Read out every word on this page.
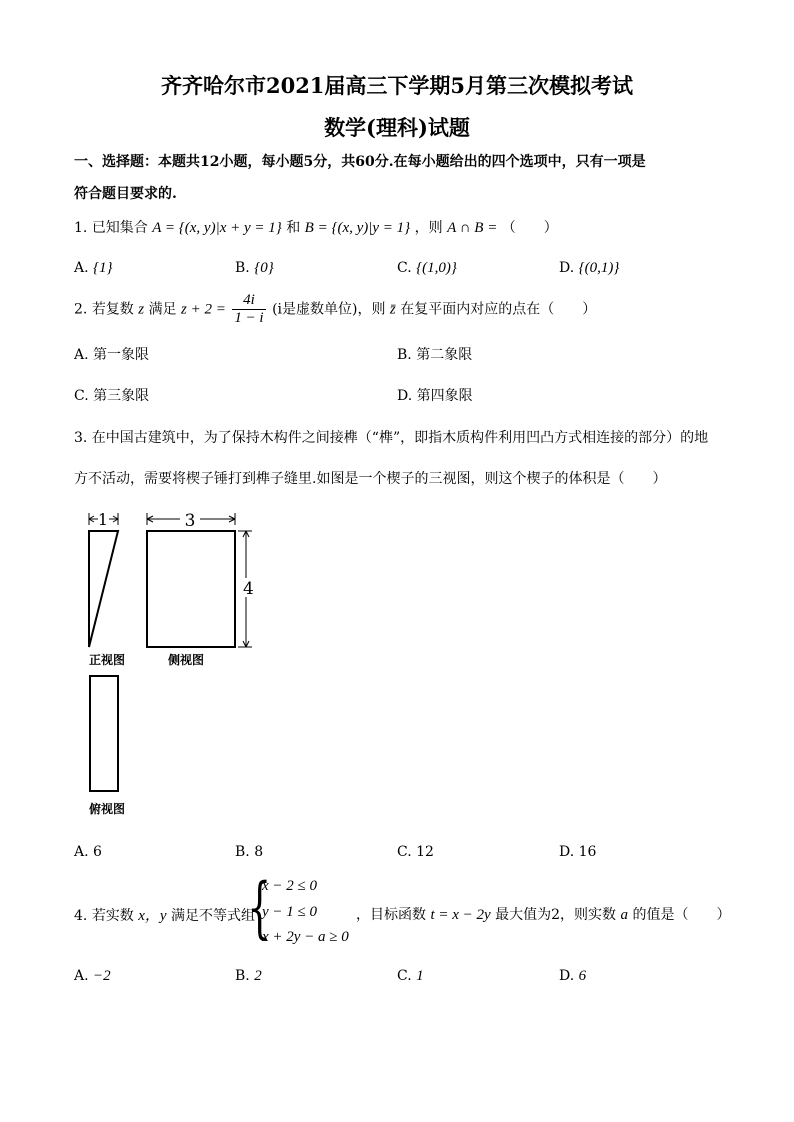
齐齐哈尔市2021届高三下学期5月第三次模拟考试
数学(理科)试题
一、选择题：本题共12小题，每小题5分，共60分.在每小题给出的四个选项中，只有一项是
符合题目要求的.
1. 已知集合 A = {(x, y)|x + y = 1} 和 B = {(x, y)|y = 1} ，则 A ∩ B = （　　）
A. {1}	B. {0}	C. {(1,0)}	D. {(0,1)}
2. 若复数 z 满足 $z + 2 = \frac{4i}{1 - i} (i$是虚数单位)，则 z̄ 在复平面内对应的点在（　　）
A. 第一象限	B. 第二象限
C. 第三象限	D. 第四象限
3. 在中国古建筑中，为了保持木构件之间接榫（“榫”，即指木质构件利用凹凸方式相连接的部分）的地
方不活动，需要将楔子锤打到榫子缝里.如图是一个楔子的三视图，则这个楔子的体积是（　　）
1	3
正视图	侧视图
4
俯视图
A. 6	B. 8	C. 12	D. 16
4. 若实数 x，y 满足不等式组
{
x − 2 ≤ 0
y − 1 ≤ 0
x + 2y − a ≥ 0
，目标函数 t = x − 2y 最大值为2，则实数 a 的值是（　　）
A. −2	B. 2	C. 1	D. 6
